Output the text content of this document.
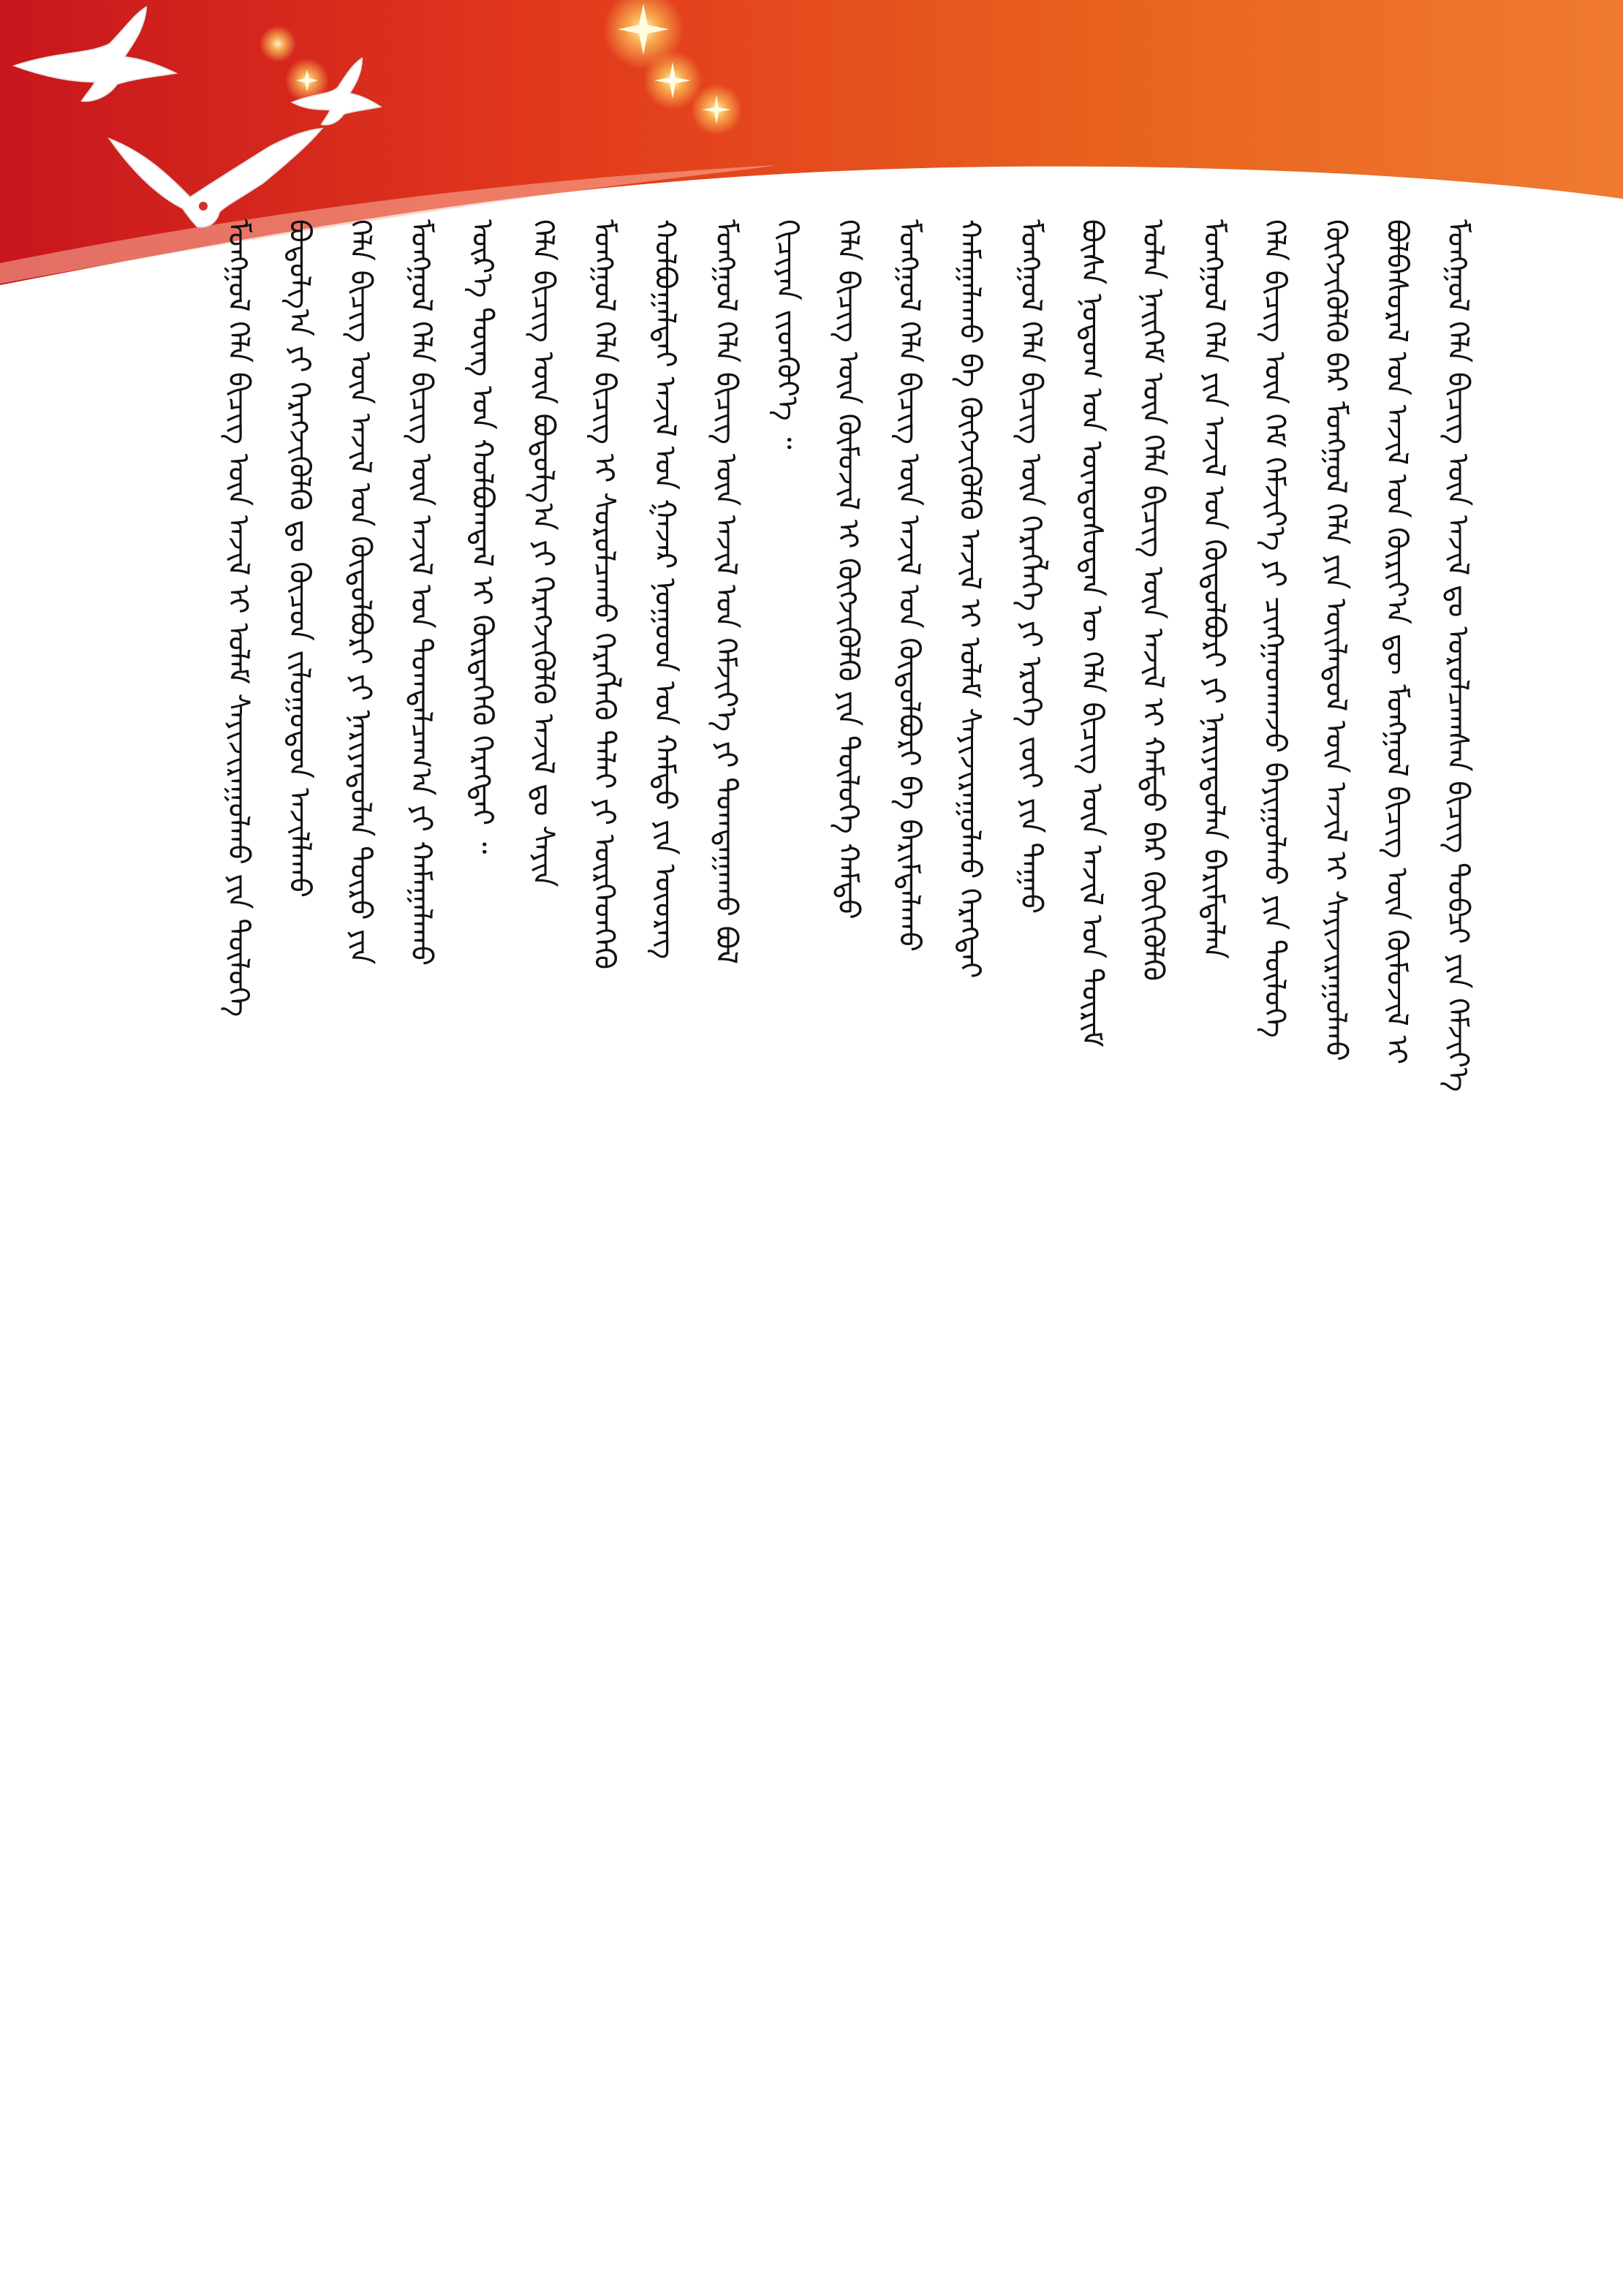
ᠮᠣᠩᠭᠣᠯ ᠬᠡᠯᠡ ᠪᠢᠴᠢᠭ ᠦᠨ ᠠᠵᠢᠯ ᠳᠤ ᠣᠷᠤᠯᠴᠠᠭᠰᠠᠨ ᠪᠢᠴᠢᠭ ᠲᠣᠪᠴᠢ ᠶᠢᠨ ᠬᠡᠮᠵᠢᠶ᠎ᠡ
ᠪᠣᠯᠪᠠᠰᠤᠷᠠᠯ ᠤᠨ ᠠᠵᠢᠯ ᠤᠨ ᠬᠦᠷᠢᠶ᠎ᠡᠨ ᠳᠦ ᠮᠣᠩᠭᠣᠯ ᠪᠢᠴᠢᠭ ᠦᠨ ᠬᠦᠮᠦᠵᠢᠯ ᠢ
ᠬᠥᠭᠵᠢᠭᠦᠯᠬᠦ ᠪᠠᠷ ᠮᠣᠩᠭᠣᠯ ᠬᠡᠯᠡ ᠶᠢᠨ ᠦᠢᠯᠡᠳᠦᠯ ᠦᠨ ᠠᠵᠢᠯ ᠢ ᠰᠠᠶᠢᠵᠢᠷᠠᠭᠤᠯᠬᠤ
ᠬᠡᠯᠡ ᠪᠢᠴᠢᠭ ᠦᠨ ᠬᠡᠮ ᠬᠡᠮᠵᠢᠶ᠎ᠡ ᠶᠢ ᠴᠢᠩᠭᠠᠳᠬᠠᠵᠤ ᠪᠠᠶᠢᠭᠤᠯᠬᠤ ᠶᠢᠨ ᠲᠥᠯᠥᠭᠡ
ᠮᠣᠩᠭᠣᠯ ᠬᠡᠯᠡ ᠶᠢᠨ ᠠᠵᠢᠯ ᠤᠨ ᠬᠥᠲᠥᠯᠪᠦᠷᠢ ᠶᠢ ᠨᠡᠷᠢᠶᠡᠳᠦᠯᠡᠨ ᠪᠠᠷᠢᠮᠲᠠᠯᠠᠨ
ᠣᠯᠠᠨ ᠨᠡᠢᠭᠡᠮ ᠦᠨ ᠬᠡᠯᠡ ᠪᠢᠴᠢᠭ ᠦᠨ ᠠᠵᠢᠯ ᠢ ᠬᠠᠮᠲᠤ ᠪᠡᠷ ᠬᠥᠬᠢᠭᠦᠯᠬᠦ
ᠪᠦᠰᠡ ᠨᠤᠲᠤᠭ ᠤᠨ ᠦᠨᠳᠦᠰᠦᠲᠡᠨ ᠦ ᠬᠡᠯᠡ ᠪᠢᠴᠢᠭ ᠦᠨ ᠠᠵᠢᠯ ᠤᠨ ᠳᠦᠷᠢᠮ
ᠮᠣᠩᠭᠣᠯ ᠬᠡᠯᠡ ᠪᠢᠴᠢᠭ ᠦᠨ ᠬᠡᠷᠡᠭᠯᠡᠭᠡ ᠶᠢ ᠡᠷᠦᠬᠡ ᠵᠦᠢ ᠶᠢᠨ ᠳᠠᠭᠠᠤ
ᠬᠠᠮᠠᠭᠠᠯᠠᠬᠤ ᠪᠠ ᠬᠥᠭᠵᠢᠭᠦᠯᠬᠦ ᠠᠵᠢᠯ ᠢ ᠤᠯᠠᠮ ᠰᠠᠶᠢᠵᠢᠷᠠᠭᠤᠯᠬᠤ ᠬᠡᠷᠡᠭᠲᠡᠢ
ᠮᠣᠩᠭᠣᠯ ᠬᠡᠯᠡ ᠪᠢᠴᠢᠭ ᠦᠨ ᠠᠵᠢᠯ ᠤᠨ ᠬᠥᠲᠥᠯᠪᠦᠷᠢ ᠪᠠ ᠪᠠᠷᠢᠮᠲᠠᠯᠠᠬᠤ
ᠬᠡᠯᠡ ᠪᠢᠴᠢᠭ ᠦᠨ ᠬᠦᠮᠦᠵᠢᠯ ᠢ ᠬᠥᠭᠵᠢᠭᠦᠯᠬᠦ ᠶᠢᠨ ᠲᠥᠯᠥᠭᠡ ᠬᠠᠮᠲᠤ
ᠬᠢᠴᠢᠶᠡᠨ ᠵᠢᠳᠬᠦᠶ᠎ᠡ ᠃
ᠮᠣᠩᠭᠣᠯ ᠬᠡᠯᠡ ᠪᠢᠴᠢᠭ ᠦᠨ ᠠᠵᠢᠯ ᠤᠨ ᠬᠡᠮᠵᠢᠶ᠎ᠡ ᠶᠢ ᠲᠣᠭᠲᠠᠭᠠᠬᠤ ᠪᠣᠯ
ᠬᠣᠯᠪᠣᠭᠠᠯᠲᠠᠢ ᠠᠵᠢᠯ ᠤᠨ ᠭᠠᠵᠠᠷ ᠨᠤᠭᠤᠳ ᠤᠨ ᠬᠠᠮᠲᠤ ᠶᠢᠨ ᠦᠦᠷᠡᠭ
ᠮᠣᠩᠭᠣᠯ ᠬᠡᠯᠡ ᠪᠢᠴᠢᠭ ᠢ ᠰᠤᠷᠤᠯᠴᠠᠬᠤ ᠬᠡᠷᠡᠭᠯᠡᠬᠦ ᠳᠠᠯᠠᠶ ᠶᠢ ᠥᠷᠭᠡᠳᠬᠡᠬᠦ
ᠬᠡᠯᠡ ᠪᠢᠴᠢᠭ ᠦᠨ ᠪᠣᠳᠤᠯᠭ᠎ᠠ ᠶᠢ ᠬᠡᠷᠡᠭᠵᠢᠭᠦᠯᠬᠦ ᠠᠵᠢᠯ ᠳᠤ ᠰᠠᠶᠢᠨ
ᠦᠷ᠎ᠡ ᠳᠦᠩ ᠤᠨ ᠬᠣᠯᠪᠣᠭᠳᠠᠯ ᠢ ᠬᠦᠷᠲᠡᠭᠡᠬᠦ ᠬᠡᠷᠡᠭᠲᠡᠢ ᠃
ᠮᠣᠩᠭᠣᠯ ᠬᠡᠯᠡ ᠪᠢᠴᠢᠭ ᠦᠨ ᠠᠵᠢᠯ ᠤᠨ ᠲᠣᠭᠲᠠᠯᠴᠠᠭ᠎ᠠ ᠶᠢ ᠬᠠᠮᠠᠭᠠᠯᠠᠬᠤ
ᠬᠡᠯᠡ ᠪᠢᠴᠢᠭ ᠦᠨ ᠠᠵᠢᠯ ᠤᠨ ᠬᠥᠲᠥᠯᠪᠦᠷᠢ ᠶᠢ ᠨᠡᠷᠢᠶᠡᠳᠦᠯᠡᠨ ᠲᠥᠷᠦ ᠶᠢᠨ
ᠪᠣᠳᠤᠯᠭ᠎ᠠ ᠶᠢ ᠬᠡᠷᠡᠭᠵᠢᠭᠦᠯᠬᠦ ᠳᠤ ᠬᠦᠴᠦᠨ ᠵᠢᠯᠣᠭᠣᠳᠤᠨ ᠠᠵᠢᠯᠯᠠᠬᠤ
ᠮᠣᠩᠭᠣᠯ ᠬᠡᠯᠡ ᠪᠢᠴᠢᠭ ᠦᠨ ᠠᠵᠢᠯ ᠢ ᠤᠯᠠᠮ ᠰᠠᠶᠢᠵᠢᠷᠠᠭᠤᠯᠬᠤ ᠶᠢᠨ ᠲᠥᠯᠥᠭᠡ
